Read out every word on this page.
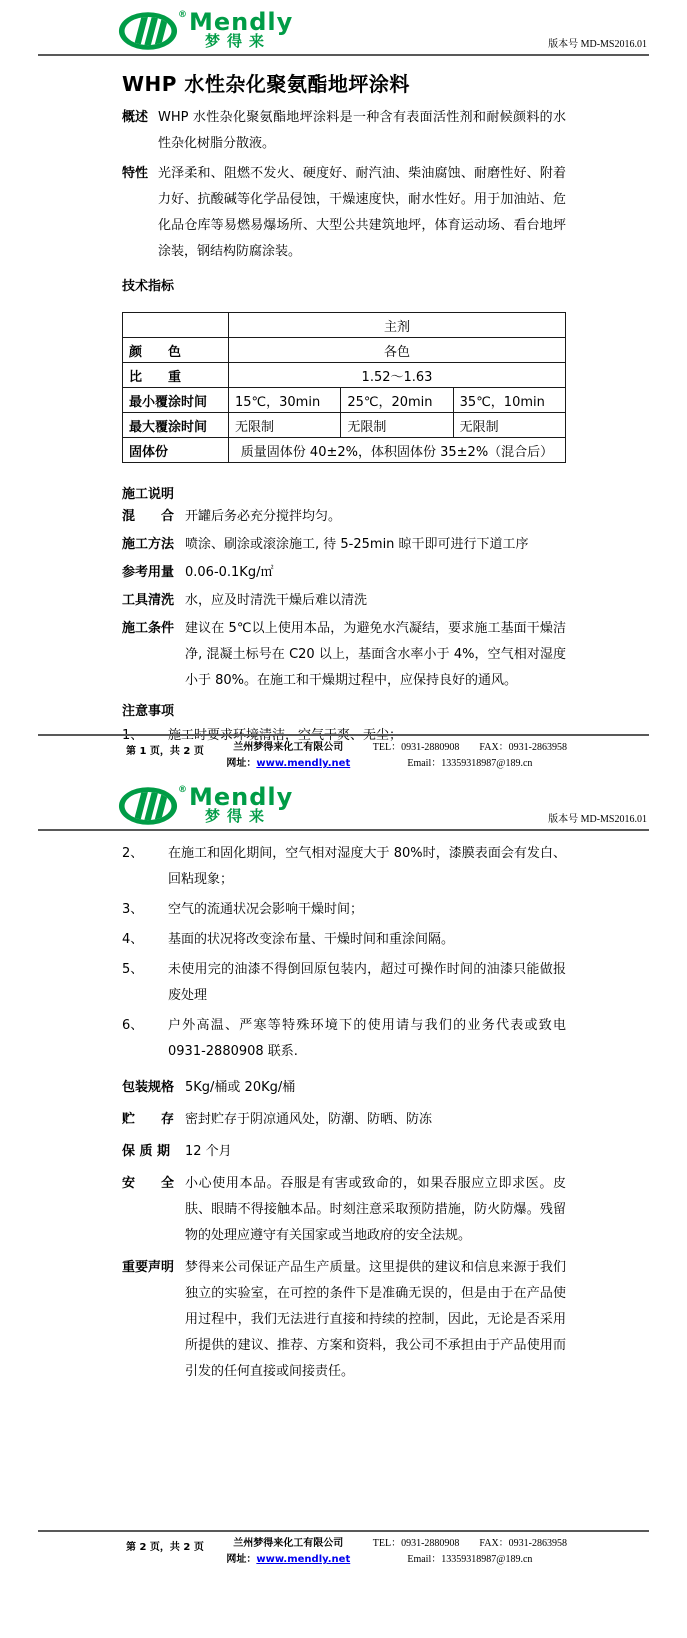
® Mendly
梦得来	版本号 MD-MS2016.01
WHP 水性杂化聚氨酯地坪涂料
概述 WHP 水性杂化聚氨酯地坪涂料是一种含有表面活性剂和耐候颜料的水性杂化树脂分散液。

特性 光泽柔和、阻燃不发火、硬度好、耐汽油、柴油腐蚀、耐磨性好、附着力好、抗酸碱等化学品侵蚀，干燥速度快，耐水性好。用于加油站、危化品仓库等易燃易爆场所、大型公共建筑地坪，体育运动场、看台地坪涂装，钢结构防腐涂装。

技术指标
	主剂		
颜　　色	各色		
比　　重	1.52～1.63		
最小覆涂时间	15℃，30min	25℃，20min	35℃，10min
最大覆涂时间	无限制	无限制	无限制
固体份	质量固体份 40±2%，体积固体份 35±2%（混合后）		
施工说明
混　　合 开罐后务必充分搅拌均匀。

施工方法 喷涂、刷涂或滚涂施工, 待 5-25min 晾干即可进行下道工序

参考用量 0.06-0.1Kg/㎡

工具清洗 水，应及时清洗干燥后难以清洗

施工条件 建议在 5℃以上使用本品，为避免水汽凝结，要求施工基面干燥洁净, 混凝土标号在 C20 以上，基面含水率小于 4%，空气相对湿度小于 80%。在施工和干燥期过程中，应保持良好的通风。

注意事项
1、	施工时要求环境清洁，空气干爽、无尘；

第 1 页，共 2 页	兰州梦得来化工有限公司
网址：www.mendly.net
TEL：0931-2880908 FAX：0931-2863958
Email：13359318987@189.cn
® Mendly
梦得来	版本号 MD-MS2016.01
2、	在施工和固化期间，空气相对湿度大于 80%时，漆膜表面会有发白、回粘现象；

3、	空气的流通状况会影响干燥时间；

4、	基面的状况将改变涂布量、干燥时间和重涂间隔。

5、	未使用完的油漆不得倒回原包装内，超过可操作时间的油漆只能做报废处理

6、	户外高温、严寒等特殊环境下的使用请与我们的业务代表或致电 0931-2880908 联系.

包装规格 5Kg/桶或 20Kg/桶

贮　　存 密封贮存于阴凉通风处，防潮、防晒、防冻

保 质 期	12 个月

安　　全 小心使用本品。吞服是有害或致命的，如果吞服应立即求医。皮肤、眼睛不得接触本品。时刻注意采取预防措施，防火防爆。残留物的处理应遵守有关国家或当地政府的安全法规。

重要声明 梦得来公司保证产品生产质量。这里提供的建议和信息来源于我们独立的实验室，在可控的条件下是准确无误的，但是由于在产品使用过程中，我们无法进行直接和持续的控制，因此，无论是否采用所提供的建议、推荐、方案和资料，我公司不承担由于产品使用而引发的任何直接或间接责任。

第 2 页，共 2 页	兰州梦得来化工有限公司
网址：www.mendly.net
TEL：0931-2880908 FAX：0931-2863958
Email：13359318987@189.cn
